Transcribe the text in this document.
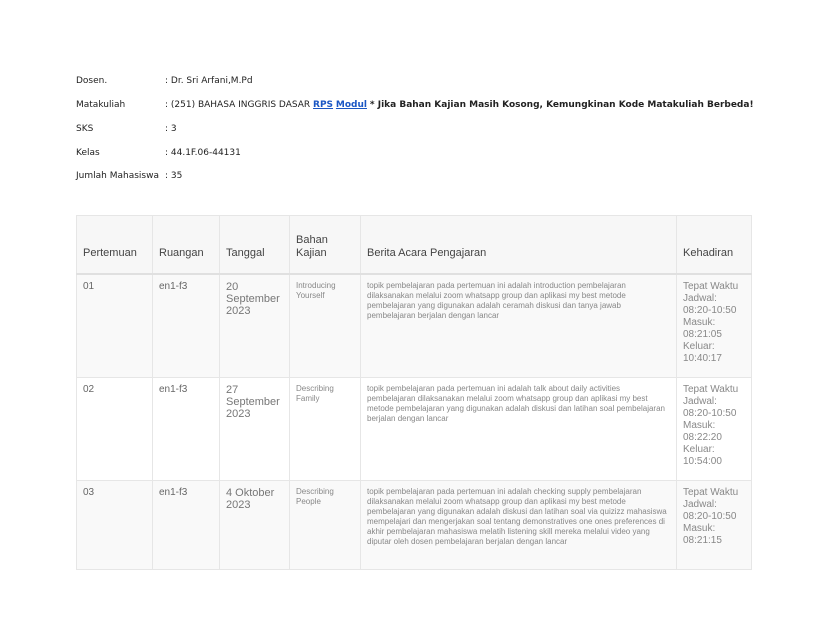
Dosen.	: Dr. Sri Arfani,M.Pd
Matakuliah	: (251) BAHASA INGGRIS DASAR RPS Modul * Jika Bahan Kajian Masih Kosong, Kemungkinan Kode Matakuliah Berbeda!
SKS	: 3
Kelas	: 44.1F.06-44131
Jumlah Mahasiswa : 35
Pertemuan	Ruangan	Tanggal	Bahan Kajian	Berita Acara Pengajaran	Kehadiran
01	en1-f3	20 September 2023	Introducing Yourself	topik pembelajaran pada pertemuan ini adalah introduction pembelajaran dilaksanakan melalui zoom whatsapp group dan aplikasi my best metode pembelajaran yang digunakan adalah ceramah diskusi dan tanya jawab pembelajaran berjalan dengan lancar	Tepat Waktu Jadwal: 08:20-10:50 Masuk: 08:21:05 Keluar: 10:40:17
02	en1-f3	27 September 2023	Describing Family	topik pembelajaran pada pertemuan ini adalah talk about daily activities pembelajaran dilaksanakan melalui zoom whatsapp group dan aplikasi my best metode pembelajaran yang digunakan adalah diskusi dan latihan soal pembelajaran berjalan dengan lancar	Tepat Waktu Jadwal: 08:20-10:50 Masuk: 08:22:20 Keluar: 10:54:00
03	en1-f3	4 Oktober 2023	Describing People	topik pembelajaran pada pertemuan ini adalah checking supply pembelajaran dilaksanakan melalui zoom whatsapp group dan aplikasi my best metode pembelajaran yang digunakan adalah diskusi dan latihan soal via quizizz mahasiswa mempelajari dan mengerjakan soal tentang demonstratives one ones preferences di akhir pembelajaran mahasiswa melatih listening skill mereka melalui video yang diputar oleh dosen pembelajaran berjalan dengan lancar	Tepat Waktu Jadwal: 08:20-10:50 Masuk: 08:21:15
